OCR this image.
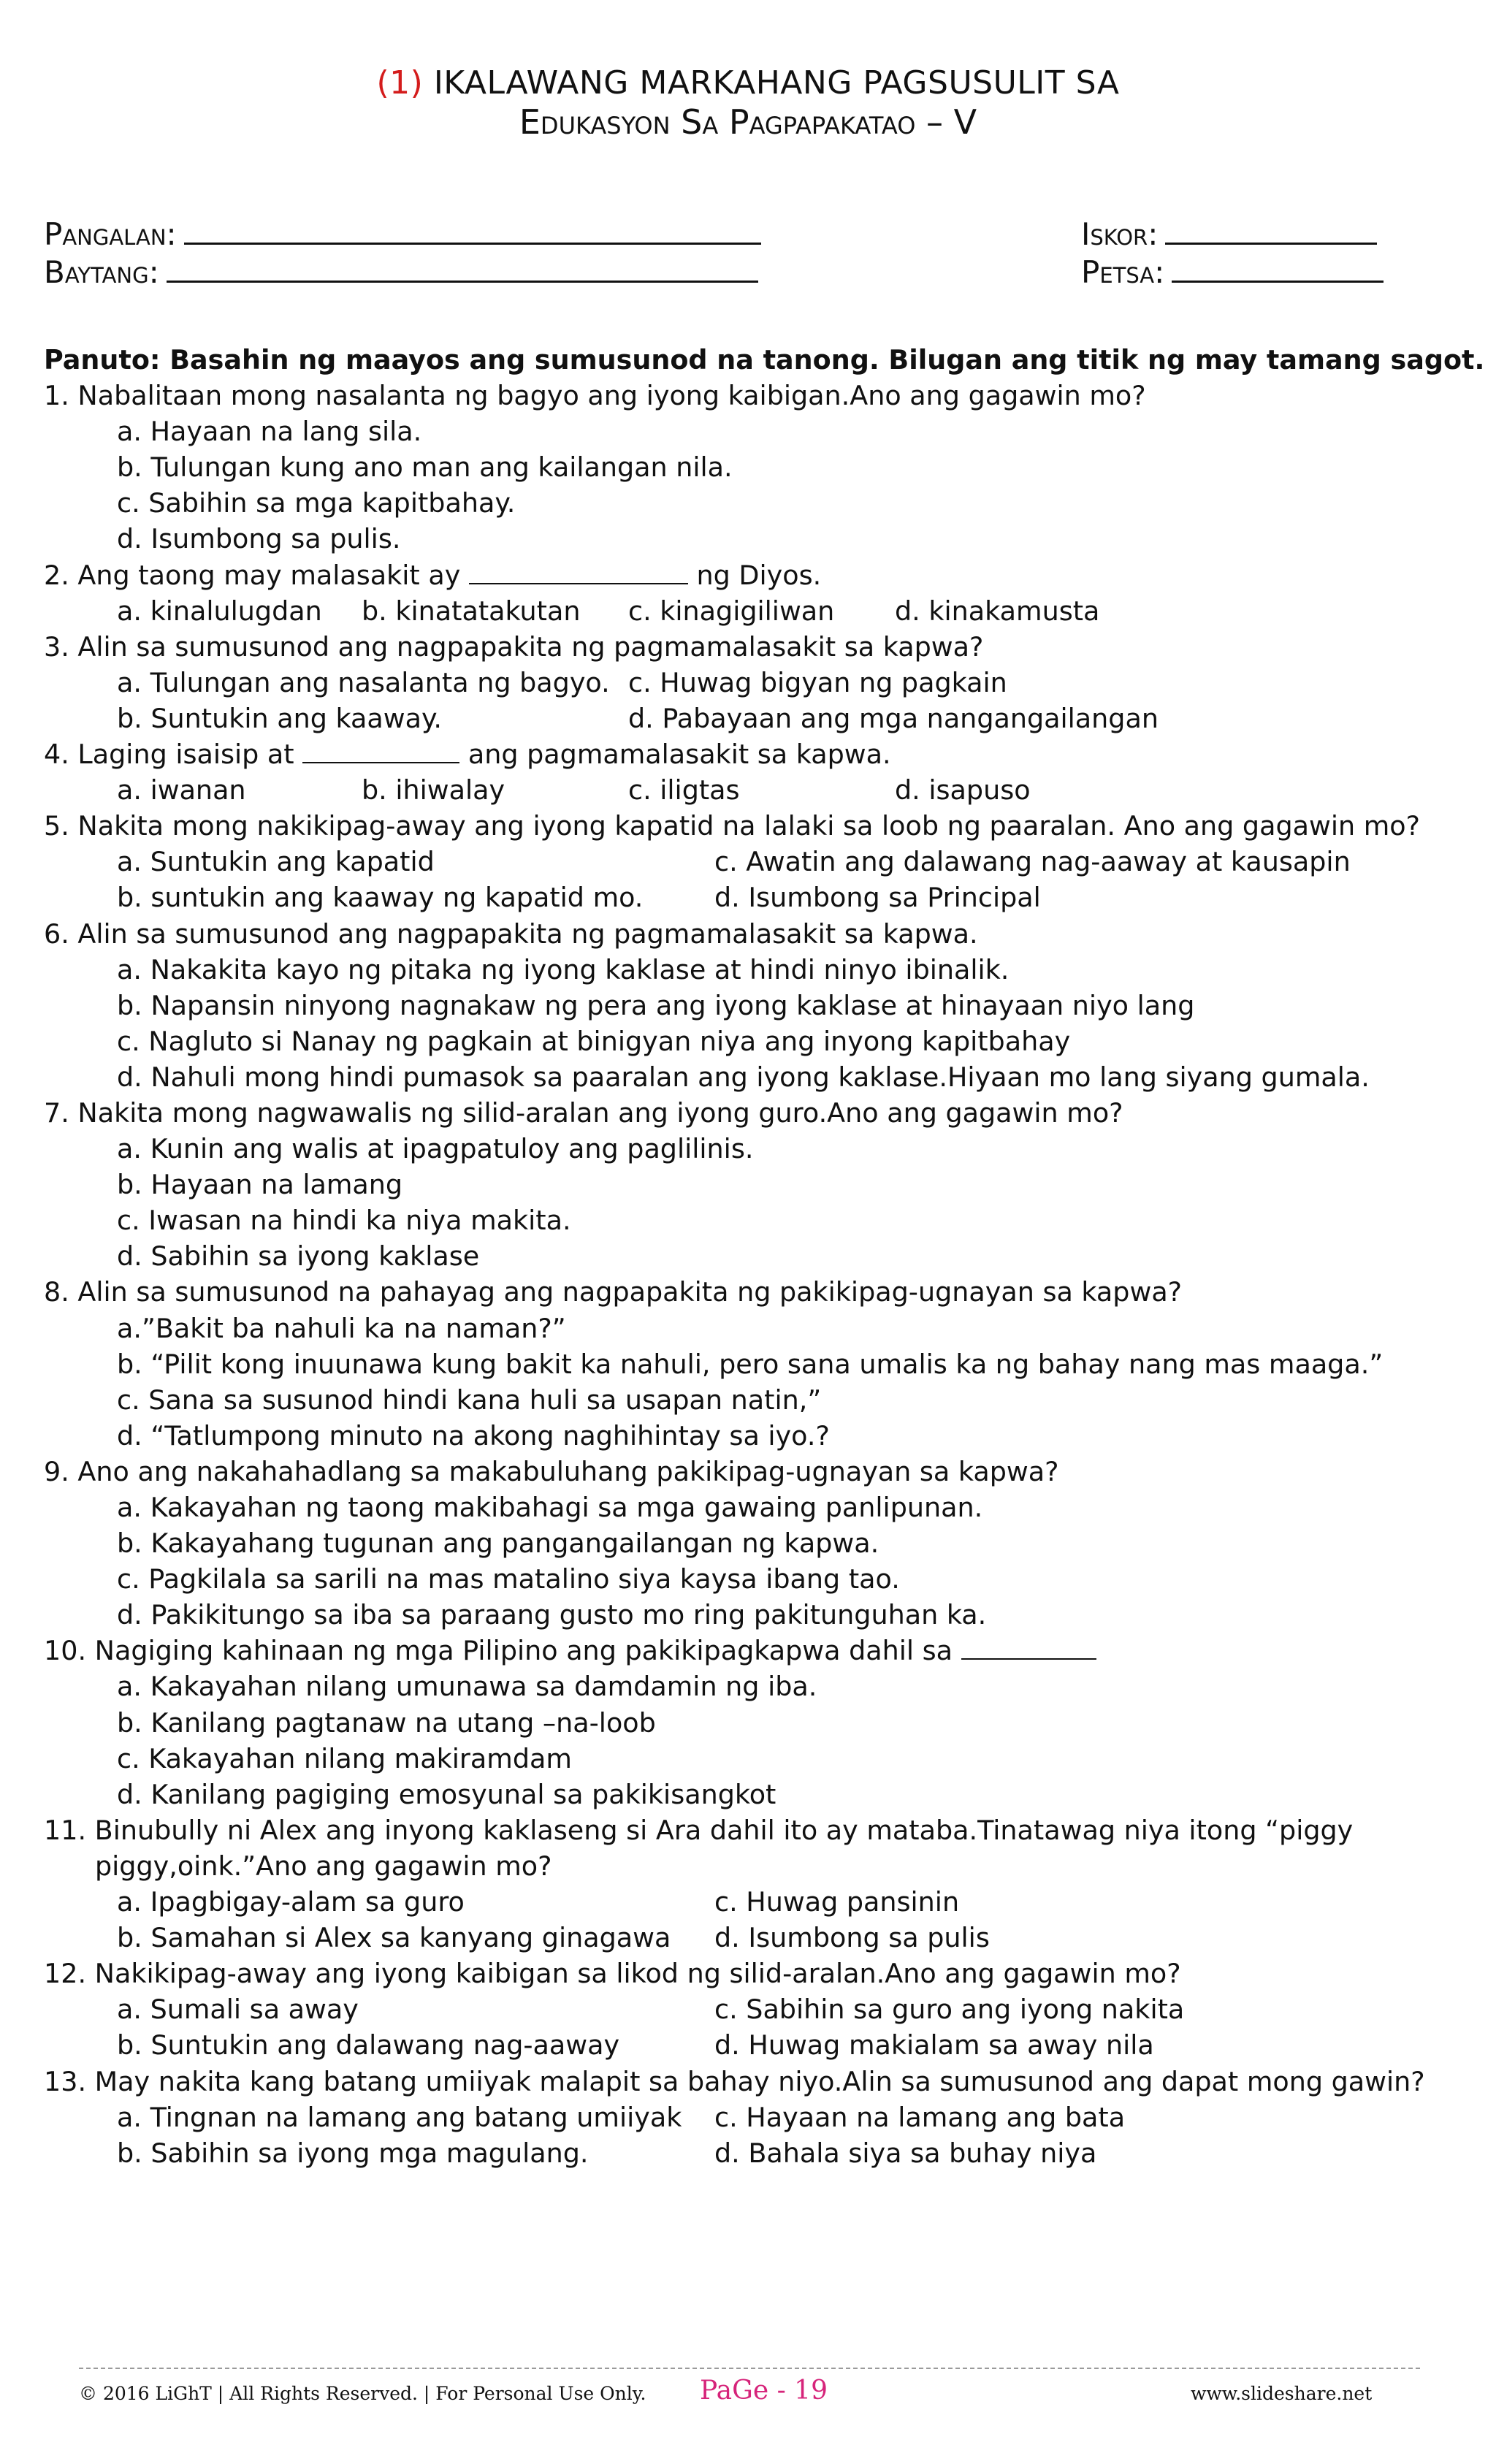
(1) IKALAWANG MARKAHANG PAGSUSULIT SA
Edukasyon Sa Pagpapakatao – V
Pangalan:
Baytang:
Iskor:
Petsa:
Panuto: Basahin ng maayos ang sumusunod na tanong. Bilugan ang titik ng may tamang sagot.
1. Nabalitaan mong nasalanta ng bagyo ang iyong kaibigan.Ano ang gagawin mo?
a. Hayaan na lang sila.
b. Tulungan kung ano man ang kailangan nila.
c. Sabihin sa mga kapitbahay.
d. Isumbong sa pulis.
2. Ang taong may malasakit ay	ng Diyos.
a. kinalulugdan b. kinatatakutan c. kinagigiliwan d. kinakamusta
3. Alin sa sumusunod ang nagpapakita ng pagmamalasakit sa kapwa?
a. Tulungan ang nasalanta ng bagyo. c. Huwag bigyan ng pagkain
b. Suntukin ang kaaway.	d. Pabayaan ang mga nangangailangan
4. Laging isaisip at	ang pagmamalasakit sa kapwa.
a. iwanan	b. ihiwalay	c. iligtas	d. isapuso
5. Nakita mong nakikipag-away ang iyong kapatid na lalaki sa loob ng paaralan. Ano ang gagawin mo?
a. Suntukin ang kapatid	c. Awatin ang dalawang nag-aaway at kausapin
b. suntukin ang kaaway ng kapatid mo.	d. Isumbong sa Principal
6. Alin sa sumusunod ang nagpapakita ng pagmamalasakit sa kapwa.
a. Nakakita kayo ng pitaka ng iyong kaklase at hindi ninyo ibinalik.
b. Napansin ninyong nagnakaw ng pera ang iyong kaklase at hinayaan niyo lang
c. Nagluto si Nanay ng pagkain at binigyan niya ang inyong kapitbahay
d. Nahuli mong hindi pumasok sa paaralan ang iyong kaklase.Hiyaan mo lang siyang gumala.
7. Nakita mong nagwawalis ng silid-aralan ang iyong guro.Ano ang gagawin mo?
a. Kunin ang walis at ipagpatuloy ang paglilinis.
b. Hayaan na lamang
c. Iwasan na hindi ka niya makita.
d. Sabihin sa iyong kaklase
8. Alin sa sumusunod na pahayag ang nagpapakita ng pakikipag-ugnayan sa kapwa?
a.”Bakit ba nahuli ka na naman?”
b. “Pilit kong inuunawa kung bakit ka nahuli, pero sana umalis ka ng bahay nang mas maaga.”
c. Sana sa susunod hindi kana huli sa usapan natin,”
d. “Tatlumpong minuto na akong naghihintay sa iyo.?
9. Ano ang nakahahadlang sa makabuluhang pakikipag-ugnayan sa kapwa?
a. Kakayahan ng taong makibahagi sa mga gawaing panlipunan.
b. Kakayahang tugunan ang pangangailangan ng kapwa.
c. Pagkilala sa sarili na mas matalino siya kaysa ibang tao.
d. Pakikitungo sa iba sa paraang gusto mo ring pakitunguhan ka.
10. Nagiging kahinaan ng mga Pilipino ang pakikipagkapwa dahil sa
a. Kakayahan nilang umunawa sa damdamin ng iba.
b. Kanilang pagtanaw na utang –na-loob
c. Kakayahan nilang makiramdam
d. Kanilang pagiging emosyunal sa pakikisangkot
11. Binubully ni Alex ang inyong kaklaseng si Ara dahil ito ay mataba.Tinatawag niya itong “piggy
piggy,oink.”Ano ang gagawin mo?
a. Ipagbigay-alam sa guro	c. Huwag pansinin
b. Samahan si Alex sa kanyang ginagawa d. Isumbong sa pulis
12. Nakikipag-away ang iyong kaibigan sa likod ng silid-aralan.Ano ang gagawin mo?
a. Sumali sa away	c. Sabihin sa guro ang iyong nakita
b. Suntukin ang dalawang nag-aaway	d. Huwag makialam sa away nila
13. May nakita kang batang umiiyak malapit sa bahay niyo.Alin sa sumusunod ang dapat mong gawin?
a. Tingnan na lamang ang batang umiiyak c. Hayaan na lamang ang bata
b. Sabihin sa iyong mga magulang.	d. Bahala siya sa buhay niya
© 2016 LiGhT | All Rights Reserved. | For Personal Use Only. PaGe - 19	www.slideshare.net
